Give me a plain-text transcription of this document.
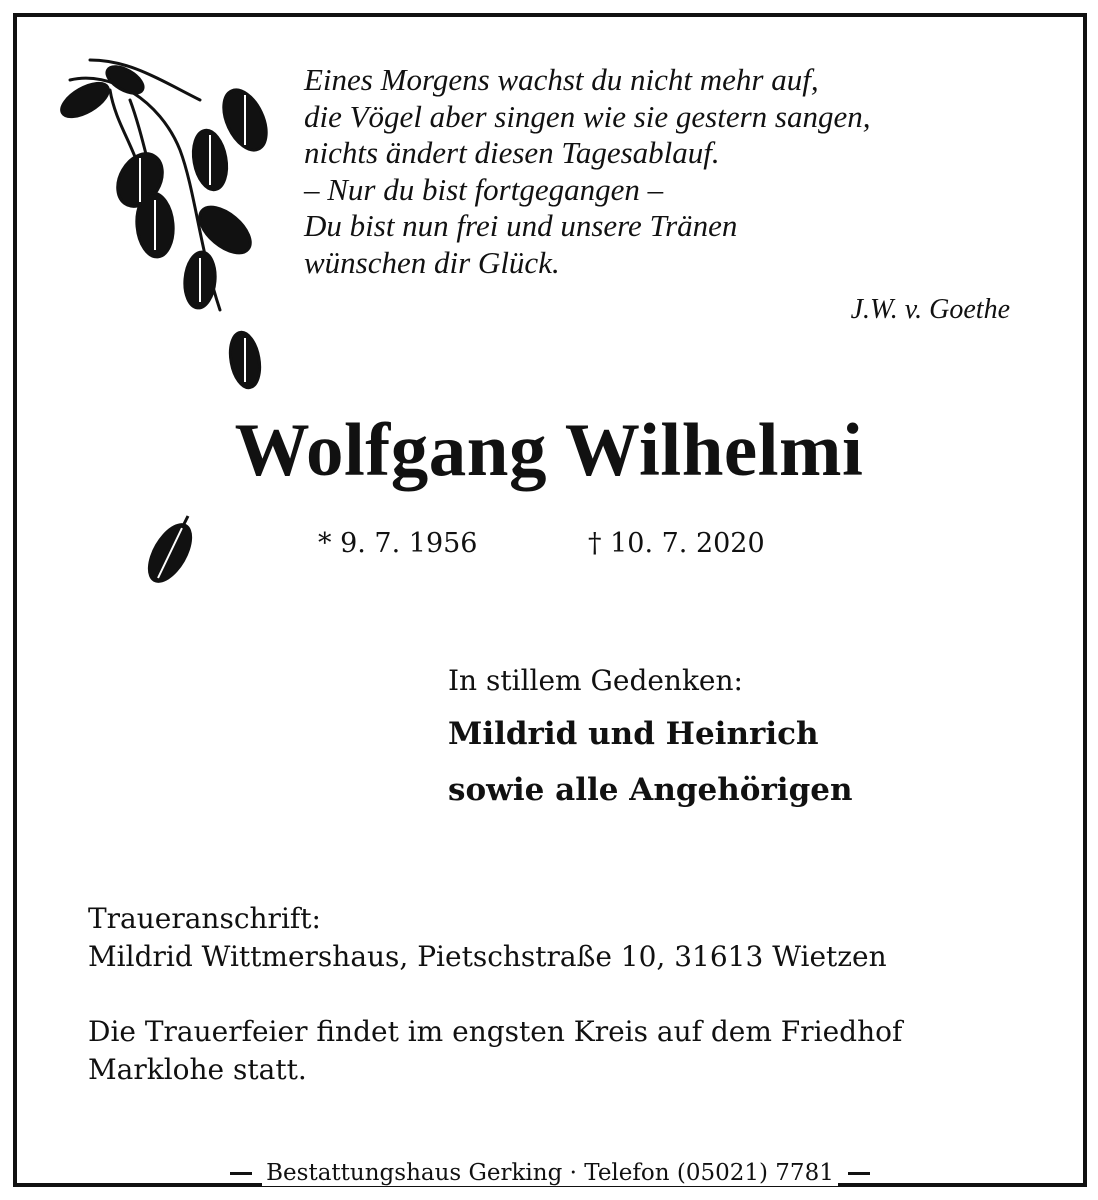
Eines Morgens wachst du nicht mehr auf,
die Vögel aber singen wie sie gestern sangen,
nichts ändert diesen Tagesablauf.
– Nur du bist fortgegangen –
Du bist nun frei und unsere Tränen
wünschen dir Glück.
J.W. v. Goethe
Wolfgang Wilhelmi
* 9. 7. 1956	† 10. 7. 2020
In stillem Gedenken:
Mildrid und Heinrich
sowie alle Angehörigen
Traueranschrift:
Mildrid Wittmershaus, Pietschstraße 10, 31613 Wietzen
Die Trauerfeier findet im engsten Kreis auf dem Friedhof
Marklohe statt.
Bestattungshaus Gerking · Telefon (05021) 7781
